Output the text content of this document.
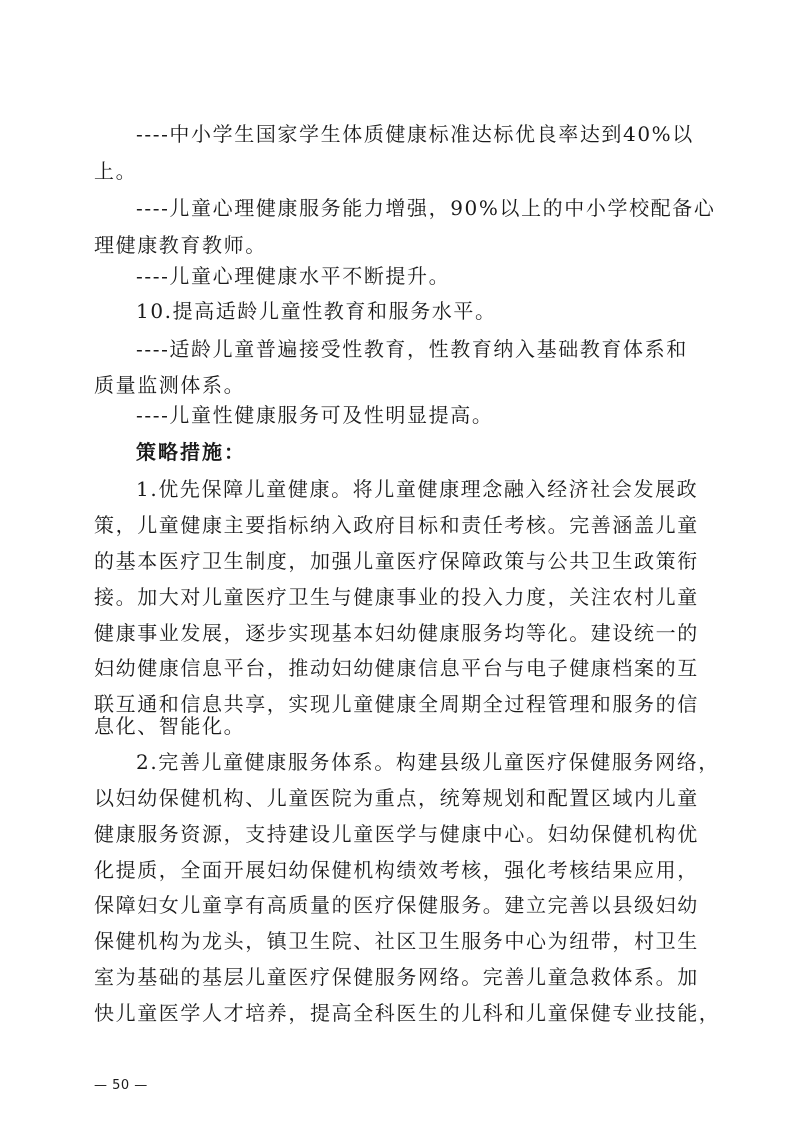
----中小学生国家学生体质健康标准达标优良率达到40%以
上。
----儿童心理健康服务能力增强，90%以上的中小学校配备心
理健康教育教师。
----儿童心理健康水平不断提升。
10.提高适龄儿童性教育和服务水平。
----适龄儿童普遍接受性教育，性教育纳入基础教育体系和
质量监测体系。
----儿童性健康服务可及性明显提高。
策略措施：
1.优先保障儿童健康。将儿童健康理念融入经济社会发展政
策，儿童健康主要指标纳入政府目标和责任考核。完善涵盖儿童
的基本医疗卫生制度，加强儿童医疗保障政策与公共卫生政策衔
接。加大对儿童医疗卫生与健康事业的投入力度，关注农村儿童
健康事业发展，逐步实现基本妇幼健康服务均等化。建设统一的
妇幼健康信息平台，推动妇幼健康信息平台与电子健康档案的互
联互通和信息共享，实现儿童健康全周期全过程管理和服务的信
息化、智能化。
2.完善儿童健康服务体系。构建县级儿童医疗保健服务网络，
以妇幼保健机构、儿童医院为重点，统筹规划和配置区域内儿童
健康服务资源，支持建设儿童医学与健康中心。妇幼保健机构优
化提质，全面开展妇幼保健机构绩效考核，强化考核结果应用，
保障妇女儿童享有高质量的医疗保健服务。建立完善以县级妇幼
保健机构为龙头，镇卫生院、社区卫生服务中心为纽带，村卫生
室为基础的基层儿童医疗保健服务网络。完善儿童急救体系。加
快儿童医学人才培养，提高全科医生的儿科和儿童保健专业技能，
— 50 —
